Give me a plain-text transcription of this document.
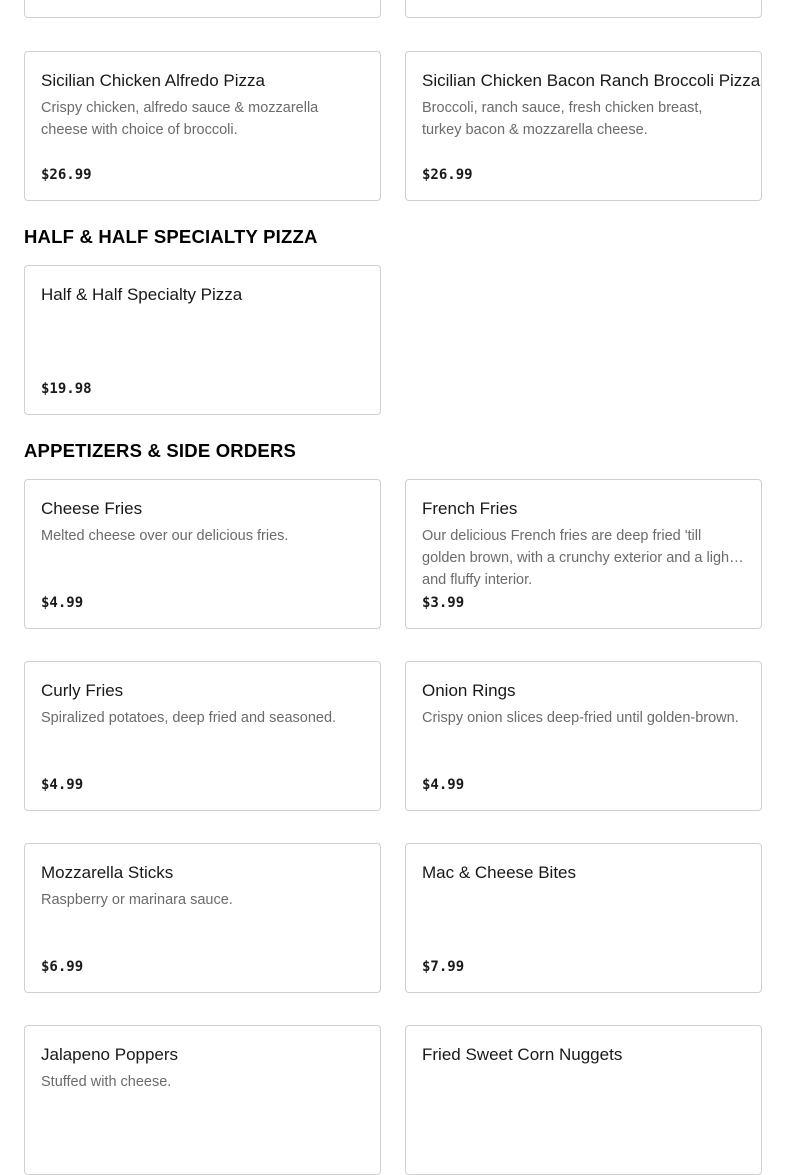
Sicilian Chicken Alfredo Pizza
Crispy chicken, alfredo sauce & mozzarella cheese with choice of broccoli.
$26.99
Sicilian Chicken Bacon Ranch Broccoli Pizza
Broccoli, ranch sauce, fresh chicken breast, turkey bacon & mozzarella cheese.
$26.99
HALF & HALF SPECIALTY PIZZA
Half & Half Specialty Pizza
$19.98
APPETIZERS & SIDE ORDERS
Cheese Fries
Melted cheese over our delicious fries.
$4.99
French Fries
Our delicious French fries are deep fried 'till golden brown, with a crunchy exterior and a light and fluffy interior.
$3.99
Curly Fries
Spiralized potatoes, deep fried and seasoned.
$4.99
Onion Rings
Crispy onion slices deep-fried until golden-brown.
$4.99
Mozzarella Sticks
Raspberry or marinara sauce.
$6.99
Mac & Cheese Bites
$7.99
Jalapeno Poppers
Stuffed with cheese.
Fried Sweet Corn Nuggets
